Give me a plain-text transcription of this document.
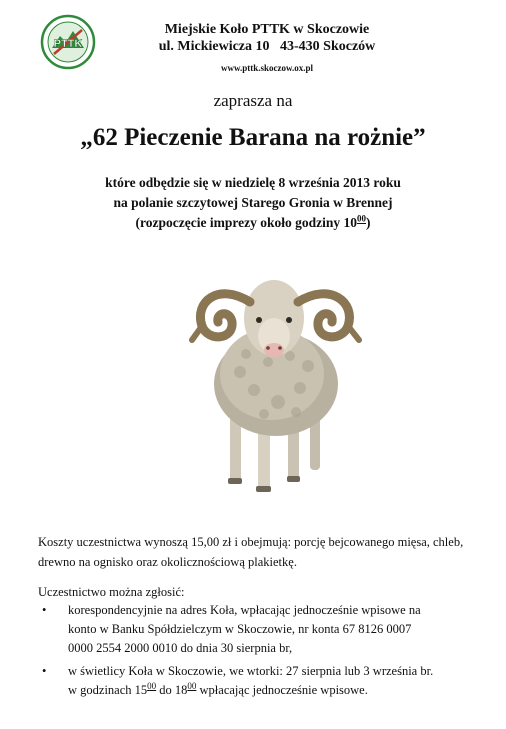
PTTK
Miejskie Koło PTTK w Skoczowie
ul. Mickiewicza 10   43-430 Skoczów
www.pttk.skoczow.ox.pl
zaprasza na
„62 Pieczenie Barana na rożnie”
które odbędzie się w niedzielę 8 września 2013 roku
na polanie szczytowej Starego Gronia w Brennej
(rozpoczęcie imprezy około godziny $10^{00}$)
Koszty uczestnictwa wynoszą 15,00 zł i obejmują: porcję bejcowanego mięsa, chleb, drewno na ognisko oraz okolicznościową plakietkę.
Uczestnictwo można zgłosić:
• korespondencyjnie na adres Koła, wpłacając jednocześnie wpisowe na
konto w Banku Spółdzielczym w Skoczowie, nr konta 67 8126 0007
0000 2554 2000 0010 do dnia 30 sierpnia br,
• w świetlicy Koła w Skoczowie, we wtorki: 27 sierpnia lub 3 września br.
w godzinach $15^{00}$ do $18^{00}$ wpłacając jednocześnie wpisowe.
